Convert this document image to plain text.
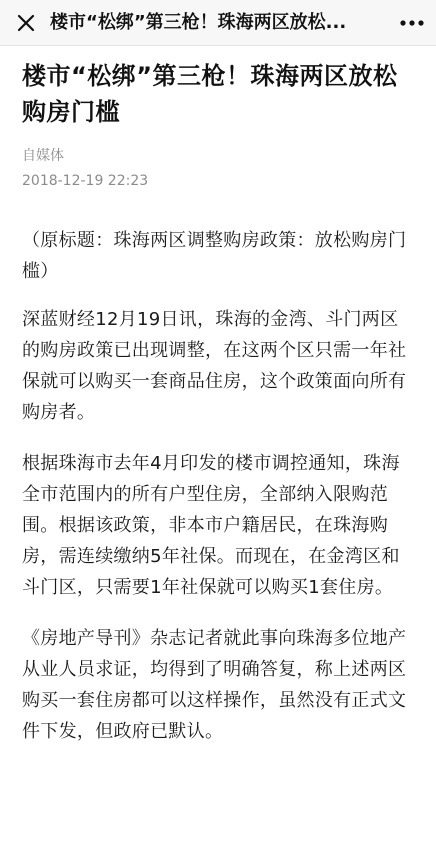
楼市“松绑”第三枪！珠海两区放松...
楼市“松绑”第三枪！珠海两区放松购房门槛
自媒体
2018-12-19 22:23

（原标题：珠海两区调整购房政策：放松购房门槛）

深蓝财经12月19日讯，珠海的金湾、斗门两区的购房政策已出现调整，在这两个区只需一年社保就可以购买一套商品住房，这个政策面向所有购房者。

根据珠海市去年4月印发的楼市调控通知，珠海全市范围内的所有户型住房，全部纳入限购范围。根据该政策，非本市户籍居民，在珠海购房，需连续缴纳5年社保。而现在，在金湾区和斗门区，只需要1年社保就可以购买1套住房。

《房地产导刊》杂志记者就此事向珠海多位地产从业人员求证，均得到了明确答复，称上述两区购买一套住房都可以这样操作，虽然没有正式文件下发，但政府已默认。
